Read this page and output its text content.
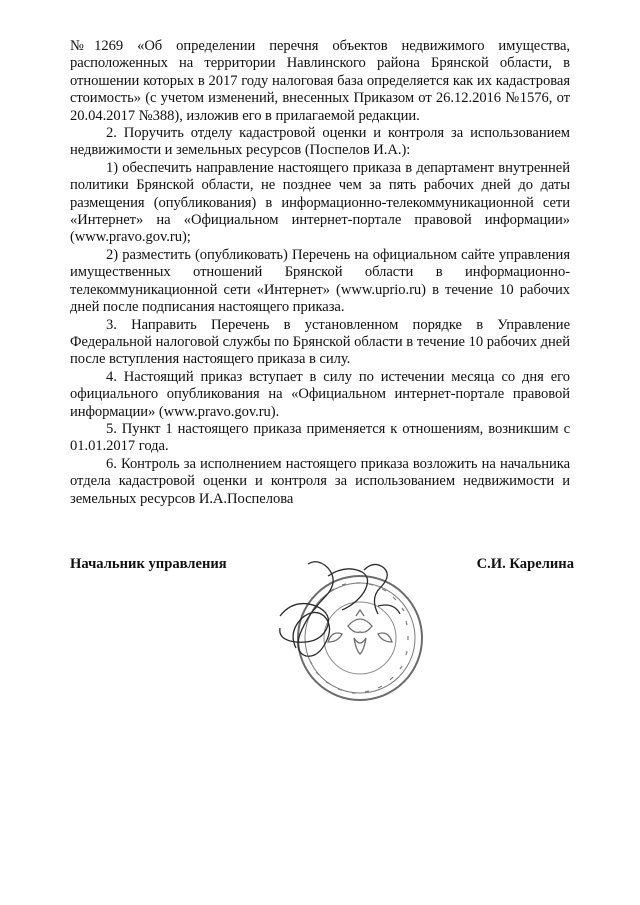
№1269 «Об определении перечня объектов недвижимого имущества, расположенных на территории Навлинского района Брянской области, в отношении которых в 2017 году налоговая база определяется как их кадастровая стоимость» (с учетом изменений, внесенных Приказом от 26.12.2016 №1576, от 20.04.2017 №388), изложив его в прилагаемой редакции.

2. Поручить отделу кадастровой оценки и контроля за использованием недвижимости и земельных ресурсов (Поспелов И.А.):

1) обеспечить направление настоящего приказа в департамент внутренней политики Брянской области, не позднее чем за пять рабочих дней до даты размещения (опубликования) в информационно-телекоммуникационной сети «Интернет» на «Официальном интернет-портале правовой информации» (www.pravo.gov.ru);

2) разместить (опубликовать) Перечень на официальном сайте управления имущественных отношений Брянской области в информационно-телекоммуникационной сети «Интернет» (www.uprio.ru) в течение 10 рабочих дней после подписания настоящего приказа.

3. Направить Перечень в установленном порядке в Управление Федеральной налоговой службы по Брянской области в течение 10 рабочих дней после вступления настоящего приказа в силу.

4. Настоящий приказ вступает в силу по истечении месяца со дня его официального опубликования на «Официальном интернет-портале правовой информации» (www.pravo.gov.ru).

5. Пункт 1 настоящего приказа применяется к отношениям, возникшим с 01.01.2017 года.

6. Контроль за исполнением настоящего приказа возложить на начальника отдела кадастровой оценки и контроля за использованием недвижимости и земельных ресурсов И.А.Поспелова

Начальник управления	С.И. Карелина
